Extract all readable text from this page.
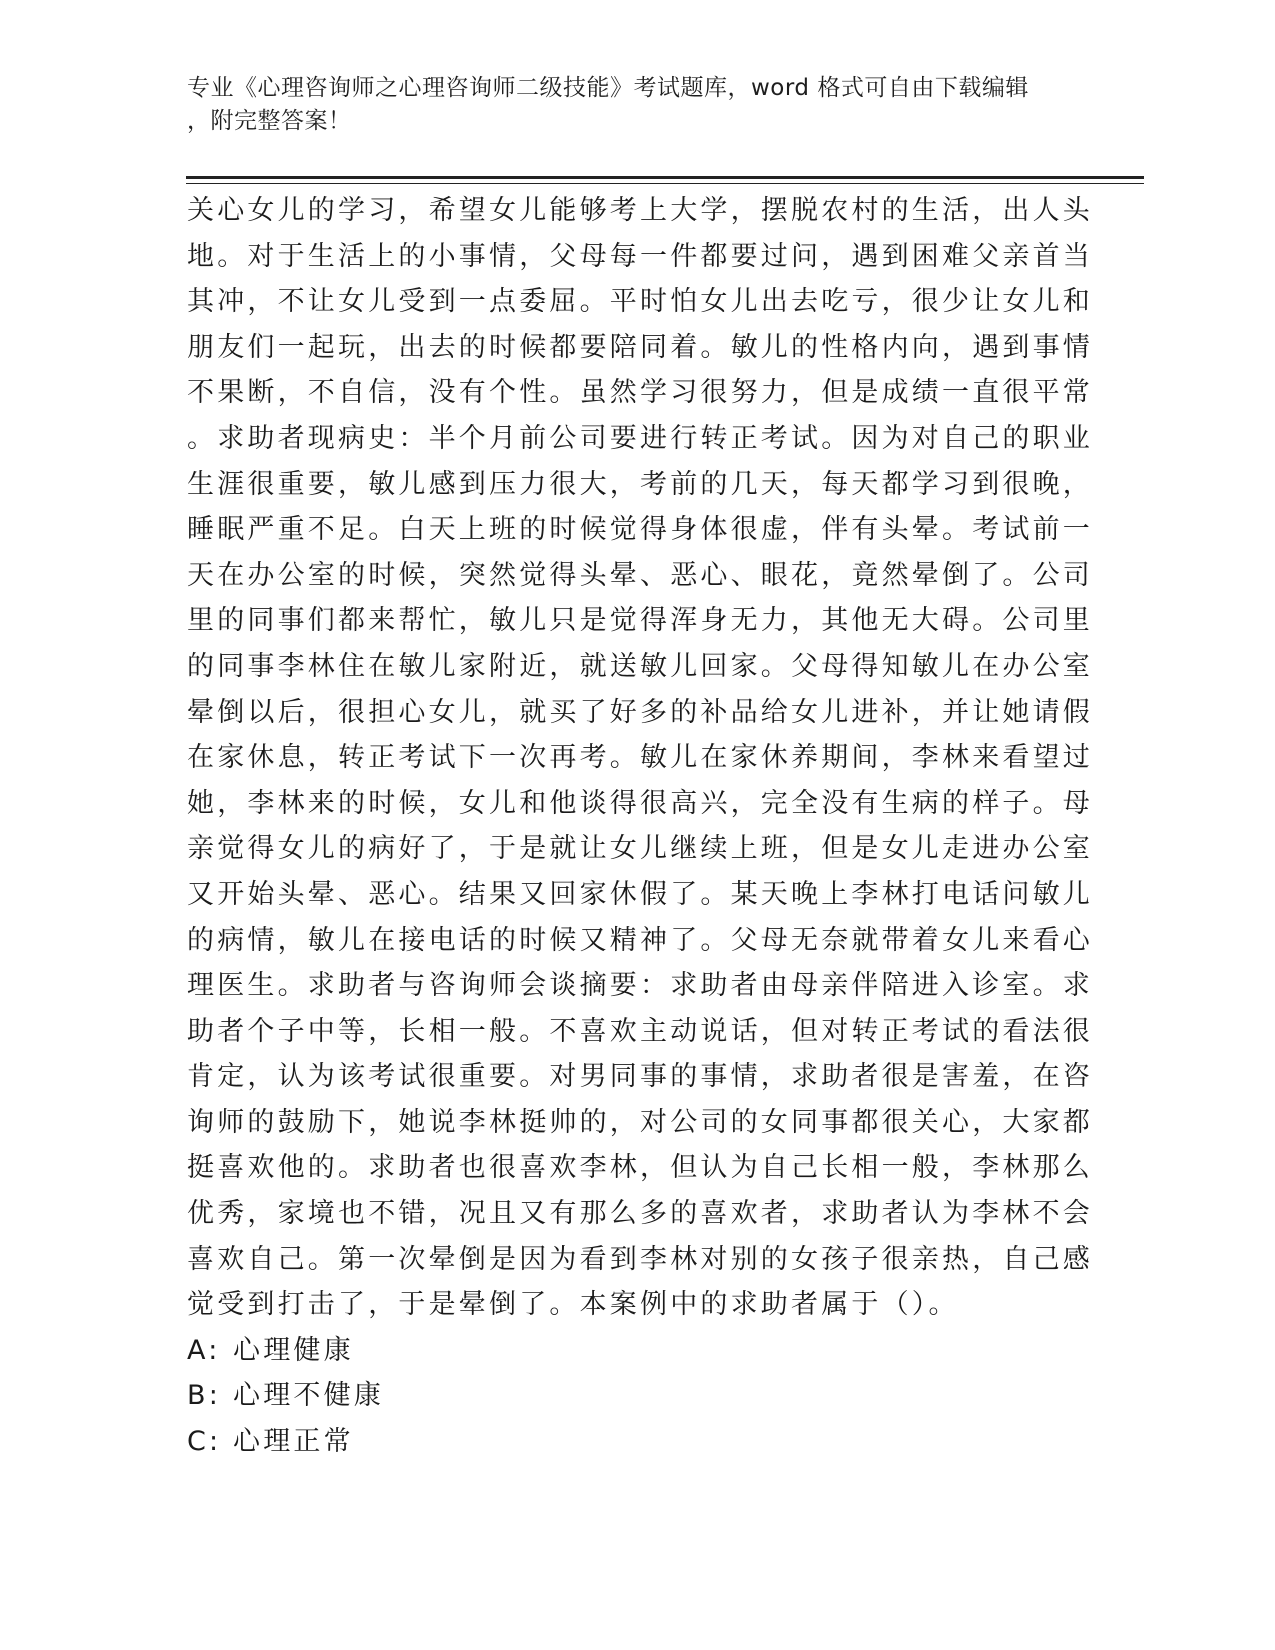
专业《心理咨询师之心理咨询师二级技能》考试题库，word 格式可自由下载编辑
，附完整答案！
关心女儿的学习，希望女儿能够考上大学，摆脱农村的生活，出人头
地。对于生活上的小事情，父母每一件都要过问，遇到困难父亲首当
其冲，不让女儿受到一点委屈。平时怕女儿出去吃亏，很少让女儿和
朋友们一起玩，出去的时候都要陪同着。敏儿的性格内向，遇到事情
不果断，不自信，没有个性。虽然学习很努力，但是成绩一直很平常
。求助者现病史：半个月前公司要进行转正考试。因为对自己的职业
生涯很重要，敏儿感到压力很大，考前的几天，每天都学习到很晚，
睡眠严重不足。白天上班的时候觉得身体很虚，伴有头晕。考试前一
天在办公室的时候，突然觉得头晕、恶心、眼花，竟然晕倒了。公司
里的同事们都来帮忙，敏儿只是觉得浑身无力，其他无大碍。公司里
的同事李林住在敏儿家附近，就送敏儿回家。父母得知敏儿在办公室
晕倒以后，很担心女儿，就买了好多的补品给女儿进补，并让她请假
在家休息，转正考试下一次再考。敏儿在家休养期间，李林来看望过
她，李林来的时候，女儿和他谈得很高兴，完全没有生病的样子。母
亲觉得女儿的病好了，于是就让女儿继续上班，但是女儿走进办公室
又开始头晕、恶心。结果又回家休假了。某天晚上李林打电话问敏儿
的病情，敏儿在接电话的时候又精神了。父母无奈就带着女儿来看心
理医生。求助者与咨询师会谈摘要：求助者由母亲伴陪进入诊室。求
助者个子中等，长相一般。不喜欢主动说话，但对转正考试的看法很
肯定，认为该考试很重要。对男同事的事情，求助者很是害羞，在咨
询师的鼓励下，她说李林挺帅的，对公司的女同事都很关心，大家都
挺喜欢他的。求助者也很喜欢李林，但认为自己长相一般，李林那么
优秀，家境也不错，况且又有那么多的喜欢者，求助者认为李林不会
喜欢自己。第一次晕倒是因为看到李林对别的女孩子很亲热，自己感
觉受到打击了，于是晕倒了。本案例中的求助者属于（）。
A: 心理健康
B: 心理不健康
C: 心理正常
